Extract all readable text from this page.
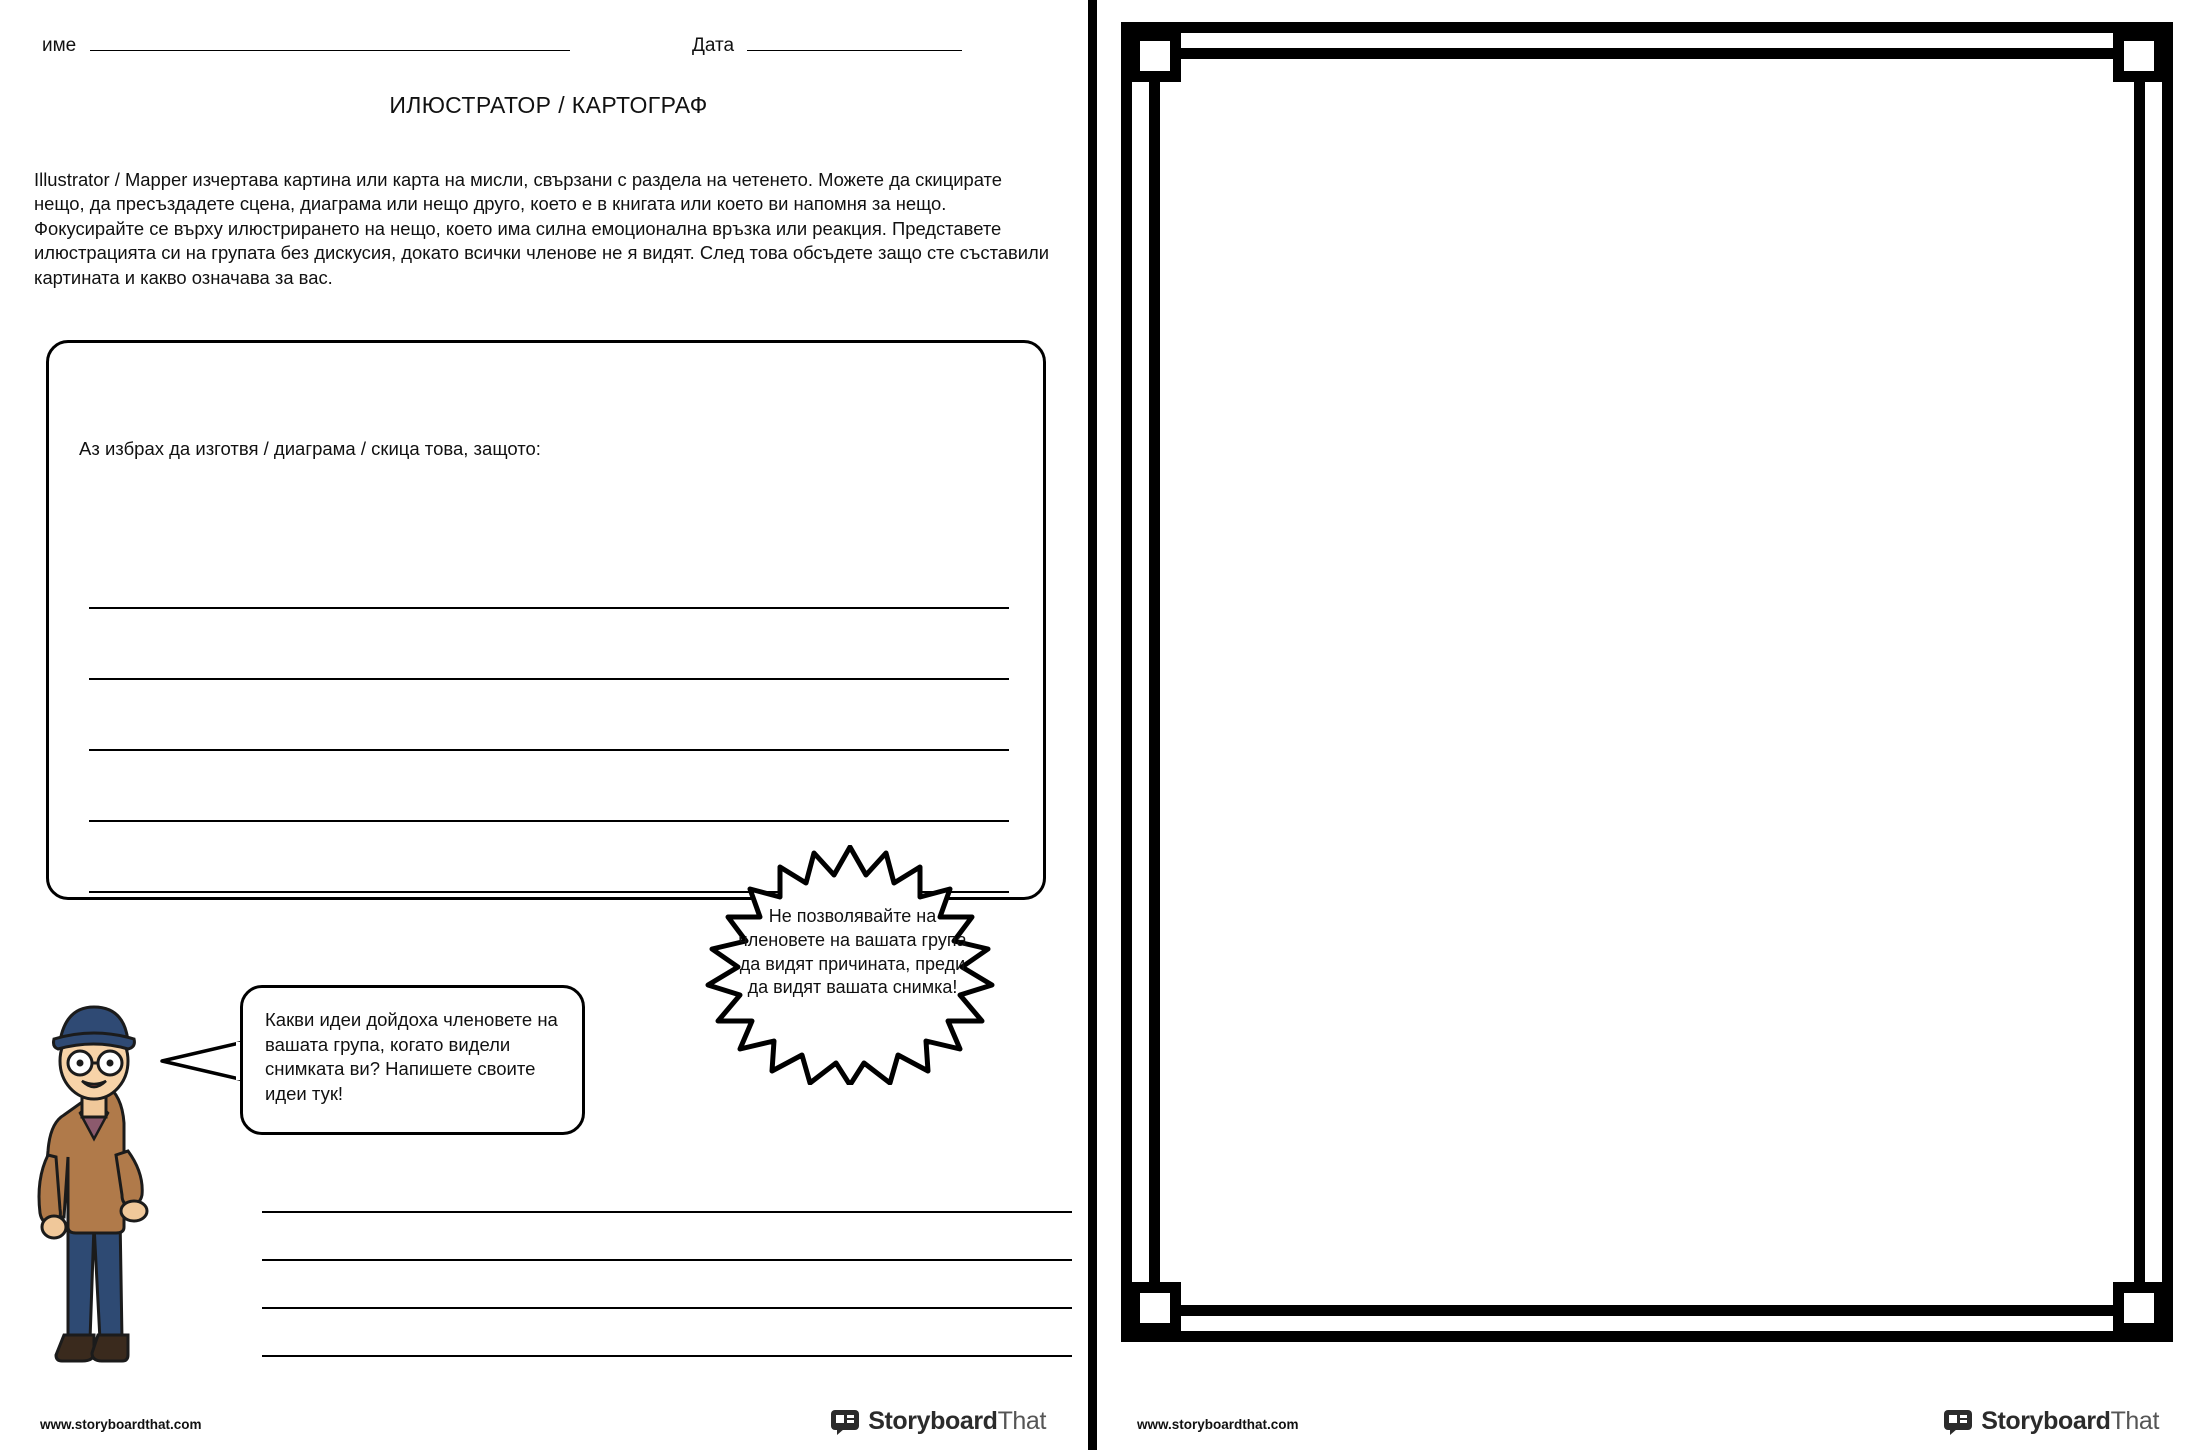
име	Дата
ИЛЮСТРАТОР / КАРТОГРАФ
Illustrator / Mapper изчертава картина или карта на мисли, свързани с раздела на четенето. Можете да скицирате нещо, да пресъздадете сцена, диаграма или нещо друго, което е в книгата или което ви напомня за нещо. Фокусирайте се върху илюстрирането на нещо, което има силна емоционална връзка или реакция. Представете илюстрацията си на групата без дискусия, докато всички членове не я видят. След това обсъдете защо сте съставили картината и какво означава за вас.
Аз избрах да изготвя / диаграма / скица това, защото:
Не позволявайте на членовете на вашата група да видят причината, преди да видят вашата снимка!
Какви идеи дойдоха членовете на вашата група, когато видели снимката ви? Напишете своите идеи тук!
www.storyboardthat.com	StoryboardThat	www.storyboardthat.com	StoryboardThat
